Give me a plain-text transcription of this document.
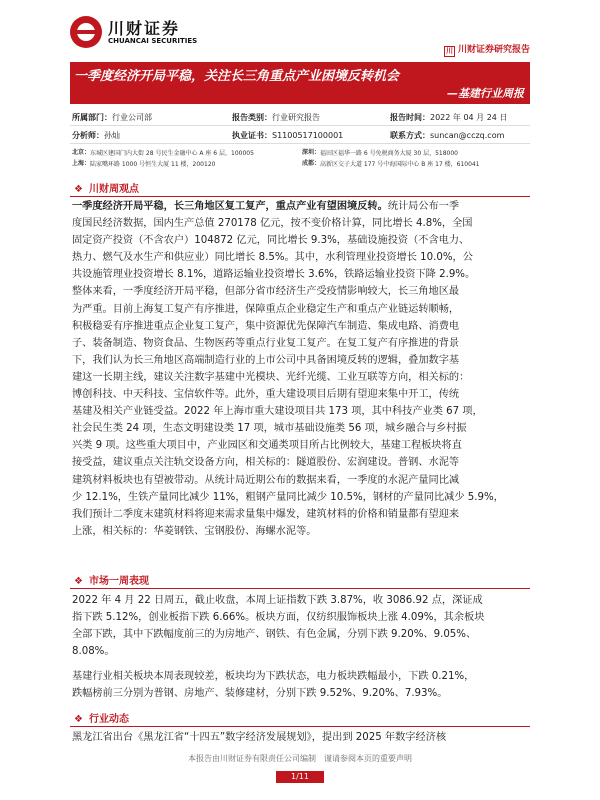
川财证券
CHUANCAI SECURITIES
川 川财证券研究报告
一季度经济开局平稳，关注长三角重点产业困境反转机会
—基建行业周报
所属部门：行业公司部	报告类别：行业研究报告	报告时间：2022 年 04 月 24 日
分析师：孙灿	执业证书：S1100517100001	联系方式：suncan@cczq.com
北京： 东城区建国门内大街 28 号民生金融中心 A 座 6 层，100005	深圳： 福田区福华一路 6 号免税商务大厦 30 层，518000
上海： 陆家嘴环路 1000 号恒生大厦 11 楼，200120	成都： 高新区交子大道 177 号中海国际中心 B 座 17 楼，610041
❖ 川财周观点
一季度经济开局平稳，长三角地区复工复产，重点产业有望困境反转。统计局公布一季
度国民经济数据，国内生产总值 270178 亿元，按不变价格计算，同比增长 4.8%，全国
固定资产投资（不含农户）104872 亿元，同比增长 9.3%，基础设施投资（不含电力、
热力、燃气及水生产和供应业）同比增长 8.5%。其中，水利管理业投资增长 10.0%，公
共设施管理业投资增长 8.1%，道路运输业投资增长 3.6%，铁路运输业投资下降 2.9%。
整体来看，一季度经济开局平稳，但部分省市经济生产受疫情影响较大，长三角地区最
为严重。目前上海复工复产有序推进，保障重点企业稳定生产和重点产业链运转顺畅，
积极稳妥有序推进重点企业复工复产，集中资源优先保障汽车制造、集成电路、消费电
子、装备制造、物资食品、生物医药等重点行业复工复产。在复工复产有序推进的背景
下，我们认为长三角地区高端制造行业的上市公司中具备困境反转的逻辑，叠加数字基
建这一长期主线，建议关注数字基建中光模块、光纤光缆、工业互联等方向，相关标的：
博创科技、中天科技、宝信软件等。此外，重大建设项目后期有望迎来集中开工，传统
基建及相关产业链受益。2022 年上海市重大建设项目共 173 项，其中科技产业类 67 项，
社会民生类 24 项，生态文明建设类 17 项，城市基础设施类 56 项，城乡融合与乡村振
兴类 9 项。这些重大项目中，产业园区和交通类项目所占比例较大，基建工程板块将直
接受益，建议重点关注轨交设备方向，相关标的：隧道股份、宏润建设。普钢、水泥等
建筑材料板块也有望被带动。从统计局近期公布的数据来看，一季度的水泥产量同比减
少 12.1%，生铁产量同比减少 11%，粗钢产量同比减少 10.5%，钢材的产量同比减少 5.9%，
我们预计二季度末建筑材料将迎来需求量集中爆发，建筑材料的价格和销量都有望迎来
上涨，相关标的：华菱钢铁、宝钢股份、海螺水泥等。
❖ 市场一周表现
2022 年 4 月 22 日周五，截止收盘，本周上证指数下跌 3.87%，收 3086.92 点，深证成
指下跌 5.12%，创业板指下跌 6.66%。板块方面，仅纺织服饰板块上涨 4.09%，其余板块
全部下跌，其中下跌幅度前三的为房地产、钢铁、有色金属，分别下跌 9.20%、9.05%、
8.08%。
基建行业相关板块本周表现较差，板块均为下跌状态，电力板块跌幅最小，下跌 0.21%，
跌幅榜前三分别为普钢、房地产、装修建材，分别下跌 9.52%、9.20%、7.93%。
❖ 行业动态
黑龙江省出台《黑龙江省“十四五”数字经济发展规划》，提出到 2025 年数字经济核
本报告由川财证券有限责任公司编制　谨请参阅本页的重要声明
1/11
